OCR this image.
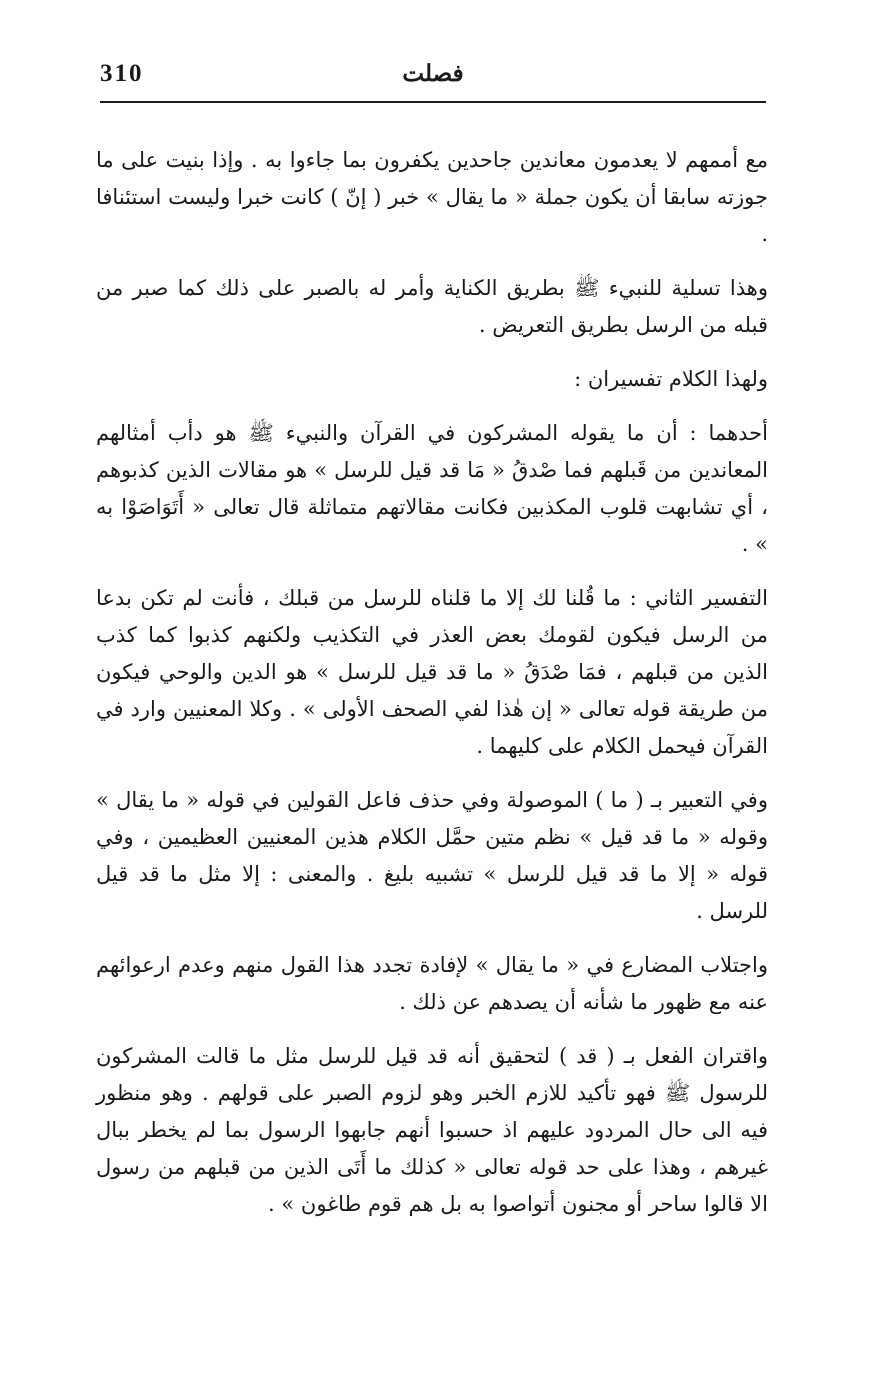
310	فصلت

مع أممهم لا يعدمون معاندين جاحدين يكفرون بما جاءوا به . وإذا بنيت على ما جوزته سابقا أن يكون جملة « ما يقال » خبر ( إنّ ) كانت خبرا وليست استئنافا .

وهذا تسلية للنبيء ﷺ بطريق الكناية وأمر له بالصبر على ذلك كما صبر من قبله من الرسل بطريق التعريض .

ولهذا الكلام تفسيران :

أحدهما : أن ما يقوله المشركون في القرآن والنبيء ﷺ هو دأب أمثالهم المعاندين من قَبلهم فما صْدقُ « مَا قد قيل للرسل » هو مقالات الذين كذبوهم ، أي تشابهت قلوب المكذبين فكانت مقالاتهم متماثلة قال تعالى « أَتَوَاصَوْا به » .

التفسير الثاني : ما قُلنا لك إلا ما قلناه للرسل من قبلك ، فأنت لم تكن بدعا من الرسل فيكون لقومك بعض العذر في التكذيب ولكنهم كذبوا كما كذب الذين من قبلهم ، فمَا صْدَقُ « ما قد قيل للرسل » هو الدين والوحي فيكون من طريقة قوله تعالى « إن هٰذا لفي الصحف الأولى » . وكلا المعنيين وارد في القرآن فيحمل الكلام على كليهما .

وفي التعبير بـ ( ما ) الموصولة وفي حذف فاعل القولين في قوله « ما يقال » وقوله « ما قد قيل » نظم متين حمَّل الكلام هذين المعنيين العظيمين ، وفي قوله « إلا ما قد قيل للرسل » تشبيه بليغ . والمعنى : إلا مثل ما قد قيل للرسل .

واجتلاب المضارع في « ما يقال » لإفادة تجدد هذا القول منهم وعدم ارعوائهم عنه مع ظهور ما شأنه أن يصدهم عن ذلك .

واقتران الفعل بـ ( قد ) لتحقيق أنه قد قيل للرسل مثل ما قالت المشركون للرسول ﷺ فهو تأكيد للازم الخبر وهو لزوم الصبر على قولهم . وهو منظور فيه الى حال المردود عليهم اذ حسبوا أنهم جابهوا الرسول بما لم يخطر ببال غيرهم ، وهذا على حد قوله تعالى « كذلك ما أَتَى الذين من قبلهم من رسول الا قالوا ساحر أو مجنون أتواصوا به بل هم قوم طاغون » .
